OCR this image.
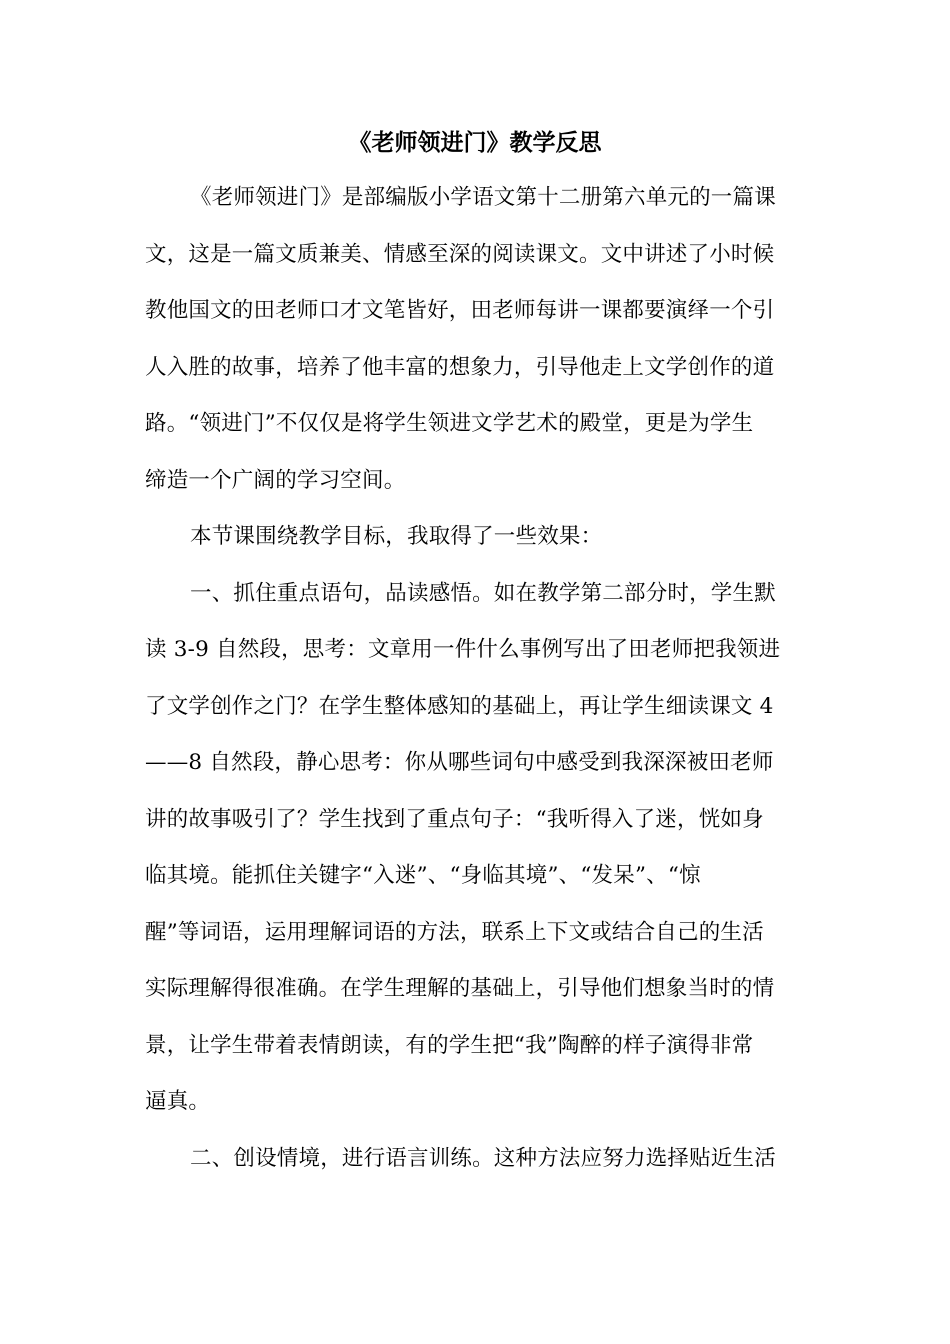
《老师领进门》教学反思
《老师领进门》是部编版小学语文第十二册第六单元的一篇课
文，这是一篇文质兼美、情感至深的阅读课文。文中讲述了小时候
教他国文的田老师口才文笔皆好，田老师每讲一课都要演绎一个引
人入胜的故事，培养了他丰富的想象力，引导他走上文学创作的道
路。“领进门”不仅仅是将学生领进文学艺术的殿堂，更是为学生
缔造一个广阔的学习空间。
本节课围绕教学目标，我取得了一些效果：
一、抓住重点语句，品读感悟。如在教学第二部分时，学生默
读 3-9 自然段，思考：文章用一件什么事例写出了田老师把我领进
了文学创作之门？在学生整体感知的基础上，再让学生细读课文 4
——8 自然段，静心思考：你从哪些词句中感受到我深深被田老师
讲的故事吸引了？学生找到了重点句子：“我听得入了迷，恍如身
临其境。能抓住关键字“入迷”、“身临其境”、“发呆”、“惊
醒”等词语，运用理解词语的方法，联系上下文或结合自己的生活
实际理解得很准确。在学生理解的基础上，引导他们想象当时的情
景，让学生带着表情朗读，有的学生把“我”陶醉的样子演得非常
逼真。
二、创设情境，进行语言训练。这种方法应努力选择贴近生活
